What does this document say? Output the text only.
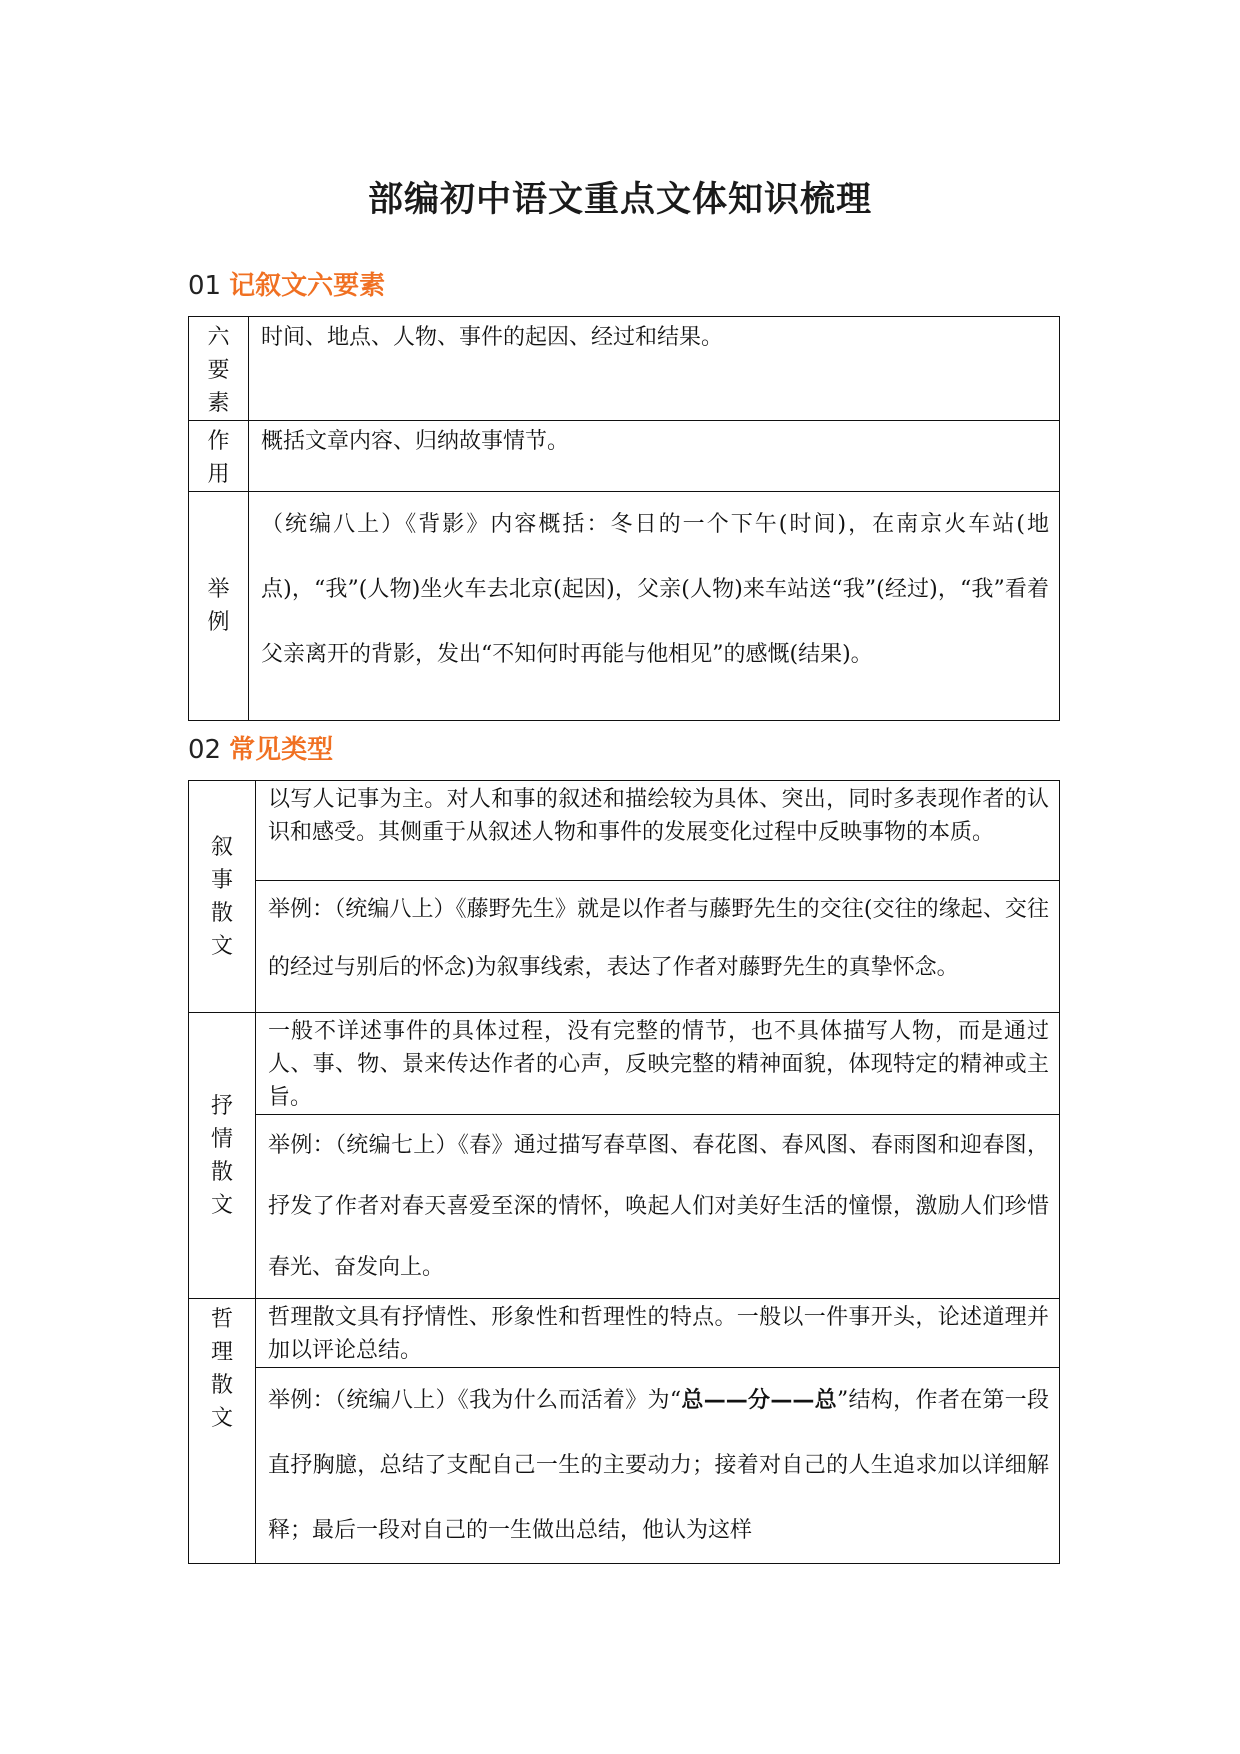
部编初中语文重点文体知识梳理
01 记叙文六要素
六
要
素	时间、地点、人物、事件的起因、经过和结果。

作
用	概括文章内容、归纳故事情节。

举
例	（统编八上）《背影》内容概括：冬日的一个下午(时间)，在南京火车站(地点)，“我”(人物)坐火车去北京(起因)，父亲(人物)来车站送“我”(经过)，“我”看着父亲离开的背影，发出“不知何时再能与他相见”的感慨(结果)。
02 常见类型
叙
事
散
文	以写人记事为主。对人和事的叙述和描绘较为具体、突出，同时多表现作者的认识和感受。其侧重于从叙述人物和事件的发展变化过程中反映事物的本质。
	举例：（统编八上）《藤野先生》就是以作者与藤野先生的交往(交往的缘起、交往的经过与别后的怀念)为叙事线索，表达了作者对藤野先生的真挚怀念。

抒
情
散
文	一般不详述事件的具体过程，没有完整的情节，也不具体描写人物，而是通过人、事、物、景来传达作者的心声，反映完整的精神面貌，体现特定的精神或主旨。
	举例：（统编七上）《春》通过描写春草图、春花图、春风图、春雨图和迎春图，抒发了作者对春天喜爱至深的情怀，唤起人们对美好生活的憧憬，激励人们珍惜春光、奋发向上。

哲
理
散
文	哲理散文具有抒情性、形象性和哲理性的特点。一般以一件事开头，论述道理并加以评论总结。
	举例：（统编八上）《我为什么而活着》为“总——分——总”结构，作者在第一段直抒胸臆，总结了支配自己一生的主要动力；接着对自己的人生追求加以详细解释；最后一段对自己的一生做出总结，他认为这样
